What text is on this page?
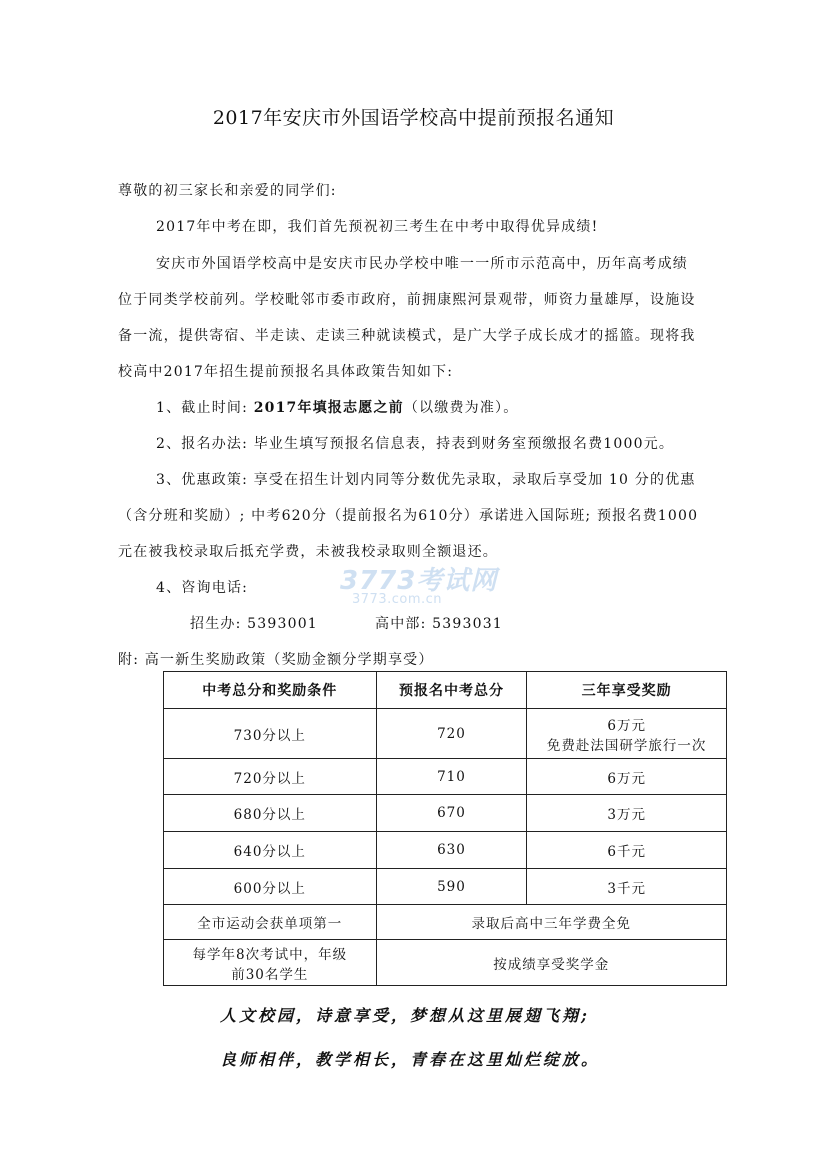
2017年安庆市外国语学校高中提前预报名通知
尊敬的初三家长和亲爱的同学们:
2017年中考在即，我们首先预祝初三考生在中考中取得优异成绩!
安庆市外国语学校高中是安庆市民办学校中唯一一所市示范高中，历年高考成绩
位于同类学校前列。学校毗邻市委市政府，前拥康熙河景观带，师资力量雄厚，设施设
备一流，提供寄宿、半走读、走读三种就读模式，是广大学子成长成才的摇篮。现将我
校高中2017年招生提前预报名具体政策告知如下:
1、截止时间: 2017年填报志愿之前（以缴费为准）。
2、报名办法: 毕业生填写预报名信息表，持表到财务室预缴报名费1000元。
3、优惠政策: 享受在招生计划内同等分数优先录取，录取后享受加 10 分的优惠
（含分班和奖励）; 中考620分（提前报名为610分）承诺进入国际班; 预报名费1000
元在被我校录取后抵充学费，未被我校录取则全额退还。
4、咨询电话:	3773考试网
3773.com.cn
招生办: 5393001	高中部: 5393031
附: 高一新生奖励政策（奖励金额分学期享受）
中考总分和奖励条件	预报名中考总分	三年享受奖励
730分以上	720	6万元
免费赴法国研学旅行一次

720分以上	710	6万元
680分以上	670	3万元
640分以上	630	6千元
600分以上	590	3千元
全市运动会获单项第一	录取后高中三年学费全免	

每学年8次考试中，年级
前30名学生	按成绩享受奖学金	
人文校园，诗意享受，梦想从这里展翅飞翔;
良师相伴，教学相长，青春在这里灿烂绽放。
